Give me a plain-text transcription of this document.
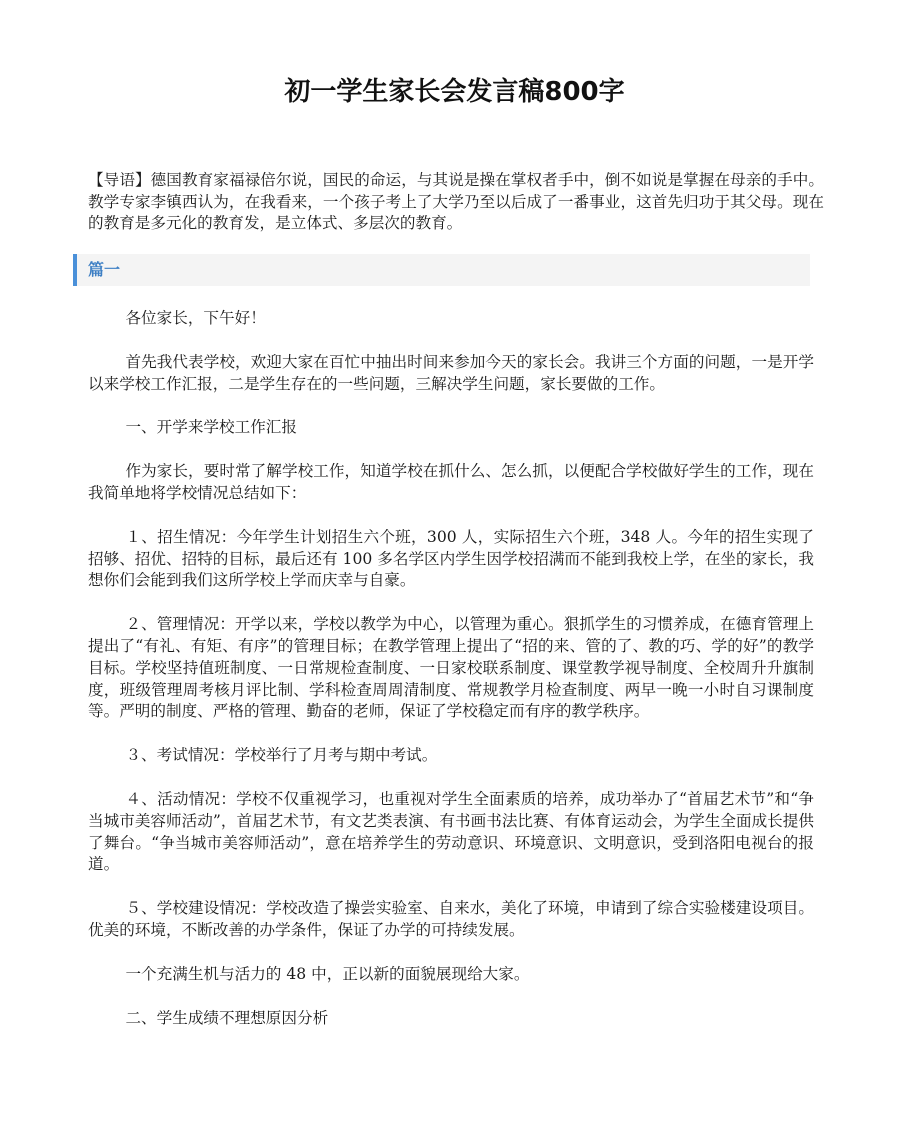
初一学生家长会发言稿800字

【导语】德国教育家福禄倍尔说，国民的命运，与其说是操在掌权者手中，倒不如说是掌握在母亲的手中。教学专家李镇西认为，在我看来，一个孩子考上了大学乃至以后成了一番事业，这首先归功于其父母。现在的教育是多元化的教育发，是立体式、多层次的教育。

篇一

各位家长，下午好！

首先我代表学校，欢迎大家在百忙中抽出时间来参加今天的家长会。我讲三个方面的问题，一是开学以来学校工作汇报，二是学生存在的一些问题，三解决学生问题，家长要做的工作。

一、开学来学校工作汇报

作为家长，要时常了解学校工作，知道学校在抓什么、怎么抓，以便配合学校做好学生的工作，现在我简单地将学校情况总结如下：

１、招生情况：今年学生计划招生六个班，300 人，实际招生六个班，348 人。今年的招生实现了招够、招优、招特的目标，最后还有 100 多名学区内学生因学校招满而不能到我校上学，在坐的家长，我想你们会能到我们这所学校上学而庆幸与自豪。

２、管理情况：开学以来，学校以教学为中心，以管理为重心。狠抓学生的习惯养成，在德育管理上提出了“有礼、有矩、有序”的管理目标；在教学管理上提出了“招的来、管的了、教的巧、学的好”的教学目标。学校坚持值班制度、一日常规检查制度、一日家校联系制度、课堂教学视导制度、全校周升升旗制度，班级管理周考核月评比制、学科检查周周清制度、常规教学月检查制度、两早一晚一小时自习课制度等。严明的制度、严格的管理、勤奋的老师，保证了学校稳定而有序的教学秩序。

３、考试情况：学校举行了月考与期中考试。

４、活动情况：学校不仅重视学习，也重视对学生全面素质的培养，成功举办了“首届艺术节”和“争当城市美容师活动”，首届艺术节，有文艺类表演、有书画书法比赛、有体育运动会，为学生全面成长提供了舞台。“争当城市美容师活动”，意在培养学生的劳动意识、环境意识、文明意识，受到洛阳电视台的报道。

５、学校建设情况：学校改造了操尝实验室、自来水，美化了环境，申请到了综合实验楼建设项目。优美的环境，不断改善的办学条件，保证了办学的可持续发展。

一个充满生机与活力的 48 中，正以新的面貌展现给大家。

二、学生成绩不理想原因分析
